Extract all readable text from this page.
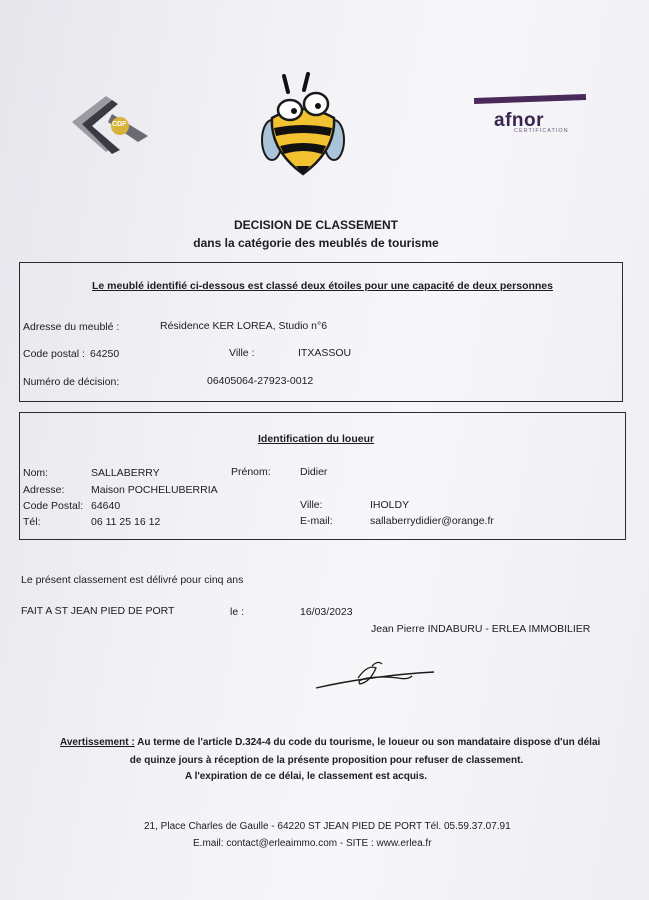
CDF	afnor
CERTIFICATION
DECISION DE CLASSEMENT
dans la catégorie des meublés de tourisme
Le meublé identifié ci-dessous est classé deux étoiles pour une capacité de deux personnes
Adresse du meublé :	Résidence KER LOREA, Studio n°6
Code postal : 64250	Ville :	ITXASSOU
Numéro de décision:	06405064-27923-0012
Identification du loueur
Nom:	SALLABERRY	Prénom:	Didier
Adresse:	Maison POCHELUBERRIA
Code Postal: 64640	Ville:	IHOLDY
Tél:	06 11 25 16 12	E-mail:	sallaberrydidier@orange.fr
Le présent classement est délivré pour cinq ans
FAIT A ST JEAN PIED DE PORT	le :	16/03/2023
Jean Pierre INDABURU - ERLEA IMMOBILIER
Avertissement : Au terme de l'article D.324-4 du code du tourisme, le loueur ou son mandataire dispose d'un délai
de quinze jours à réception de la présente proposition pour refuser de classement.
A l'expiration de ce délai, le classement est acquis.
21, Place Charles de Gaulle - 64220 ST JEAN PIED DE PORT Tél. 05.59.37.07.91
E.mail: contact@erleaimmo.com - SITE : www.erlea.fr
